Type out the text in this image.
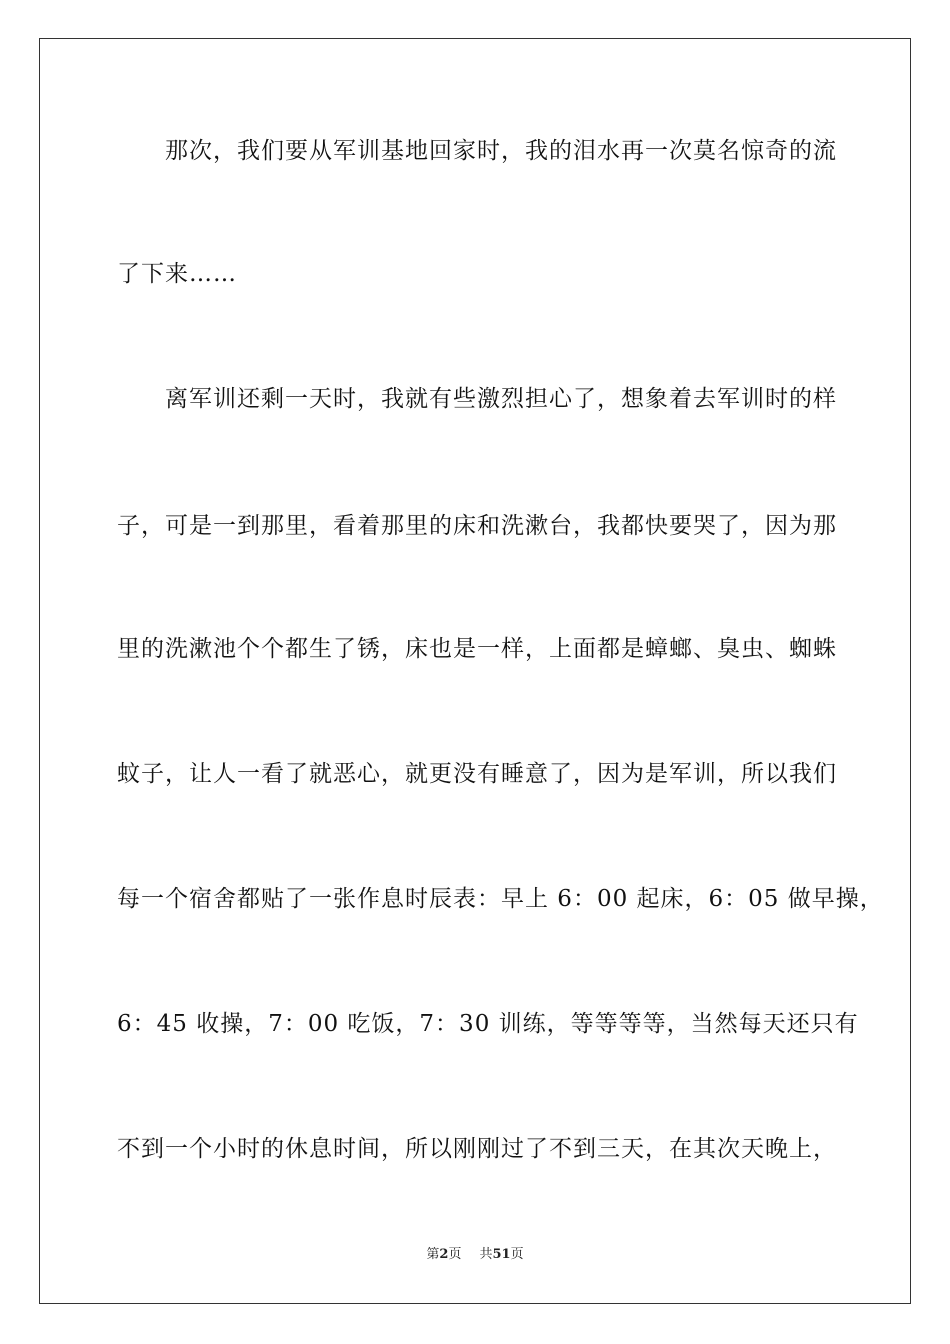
　　那次，我们要从军训基地回家时，我的泪水再一次莫名惊奇的流
了下来……
　　离军训还剩一天时，我就有些激烈担心了，想象着去军训时的样
子，可是一到那里，看着那里的床和洗漱台，我都快要哭了，因为那
里的洗漱池个个都生了锈，床也是一样，上面都是蟑螂、臭虫、蜘蛛
蚊子，让人一看了就恶心，就更没有睡意了，因为是军训，所以我们
每一个宿舍都贴了一张作息时辰表：早上 6：00 起床，6：05 做早操，
6：45 收操，7：00 吃饭，7：30 训练，等等等等，当然每天还只有
不到一个小时的休息时间，所以刚刚过了不到三天，在其次天晚上，
第2页 共51页
